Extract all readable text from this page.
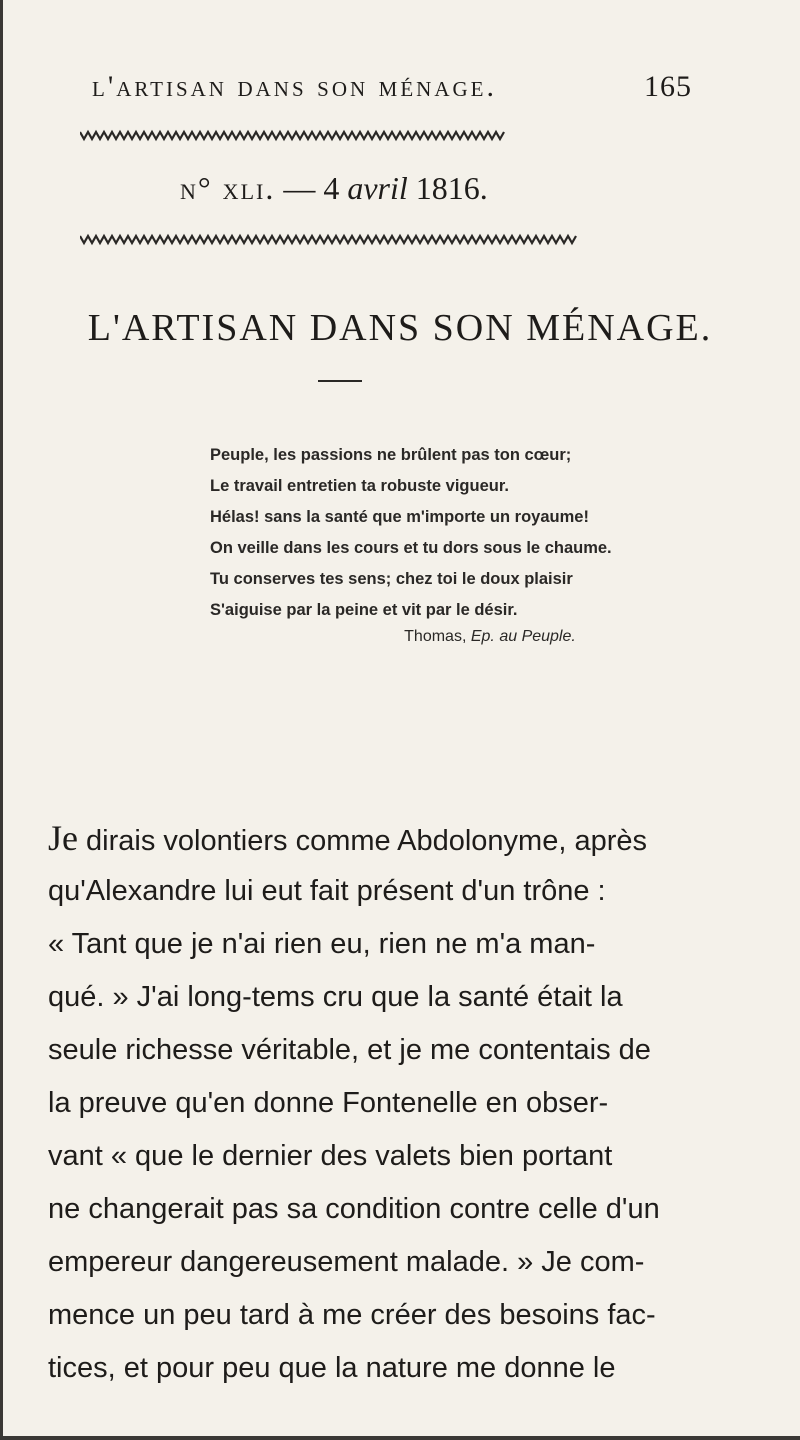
l'artisan dans son ménage.	165
n° xli. — 4 avril 1816.
L'ARTISAN DANS SON MÉNAGE.
Peuple, les passions ne brûlent pas ton cœur;
Le travail entretien ta robuste vigueur.
Hélas! sans la santé que m'importe un royaume!
On veille dans les cours et tu dors sous le chaume.
Tu conserves tes sens; chez toi le doux plaisir
S'aiguise par la peine et vit par le désir.
Thomas, Ep. au Peuple.
Je dirais volontiers comme Abdolonyme, après
qu'Alexandre lui eut fait présent d'un trône :
« Tant que je n'ai rien eu, rien ne m'a man-
qué. » J'ai long-tems cru que la santé était la
seule richesse véritable, et je me contentais de
la preuve qu'en donne Fontenelle en obser-
vant « que le dernier des valets bien portant
ne changerait pas sa condition contre celle d'un
empereur dangereusement malade. » Je com-
mence un peu tard à me créer des besoins fac-
tices, et pour peu que la nature me donne le
